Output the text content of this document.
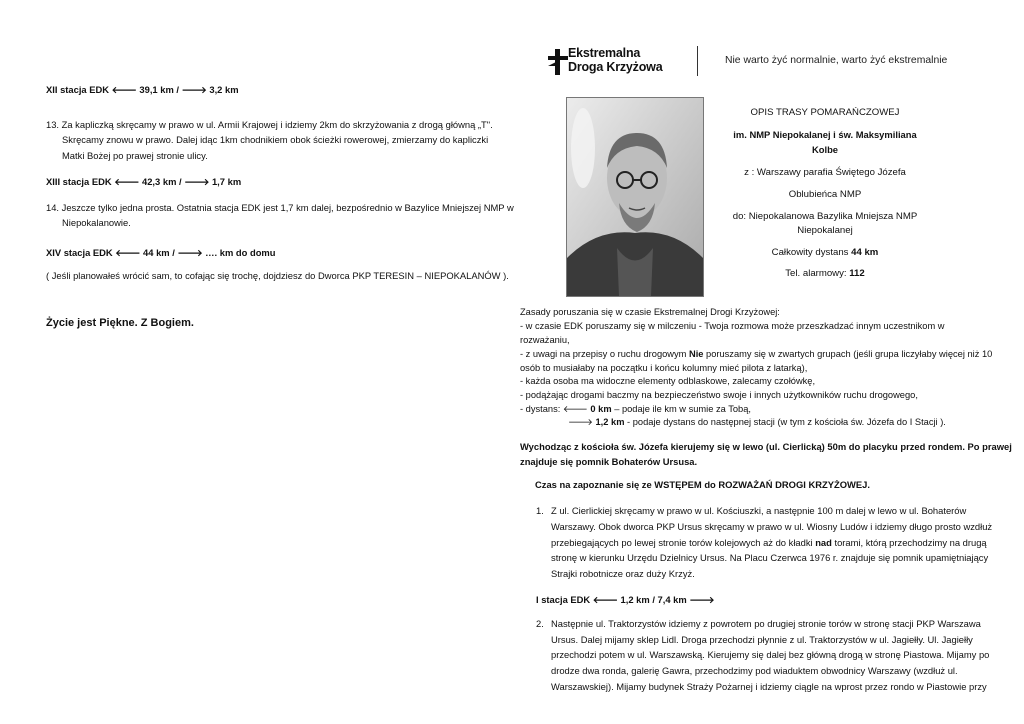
XII stacja EDK 🡐 39,1 km / 🡒 3,2 km
13. Za kapliczką skręcamy w prawo w ul. Armii Krajowej i idziemy 2km do skrzyżowania z drogą główną „T".
Skręcamy znowu w prawo. Dalej idąc 1km chodnikiem obok ścieżki rowerowej, zmierzamy do kapliczki
Matki Bożej po prawej stronie ulicy.
XIII stacja EDK 🡐 42,3 km / 🡒 1,7 km
14. Jeszcze tylko jedna prosta. Ostatnia stacja EDK jest 1,7 km dalej, bezpośrednio w Bazylice Mniejszej NMP w
Niepokalanowie.
XIV stacja EDK 🡐 44 km / 🡒 …. km do domu
( Jeśli planowałeś wrócić sam, to cofając się trochę, dojdziesz do Dworca PKP TERESIN – NIEPOKALANÓW ).
Życie jest Piękne. Z Bogiem.
Ekstremalna
Droga Krzyżowa	Nie warto żyć normalnie, warto żyć ekstremalnie
OPIS TRASY POMARAŃCZOWEJ
im. NMP Niepokalanej i św. Maksymiliana
Kolbe
z : Warszawy parafia Świętego Józefa
Oblubieńca NMP
do: Niepokalanowa Bazylika Mniejsza NMP
Niepokalanej
Całkowity dystans 44 km
Tel. alarmowy: 112
Zasady poruszania się w czasie Ekstremalnej Drogi Krzyżowej:
- w czasie EDK poruszamy się w milczeniu - Twoja rozmowa może przeszkadzać innym uczestnikom w
rozważaniu,
- z uwagi na przepisy o ruchu drogowym Nie poruszamy się w zwartych grupach (jeśli grupa liczyłaby więcej niż 10
osób to musiałaby na początku i końcu kolumny mieć pilota z latarką),
- każda osoba ma widoczne elementy odblaskowe, zalecamy czołówkę,
- podążając drogami baczmy na bezpieczeństwo swoje i innych użytkowników ruchu drogowego,
- dystans: 🡐 0 km – podaje ile km w sumie za Tobą,
🡒 1,2 km - podaje dystans do następnej stacji (w tym z kościoła św. Józefa do I Stacji ).
Wychodząc z kościoła św. Józefa kierujemy się w lewo (ul. Cierlicką) 50m do placyku przed rondem. Po prawej
znajduje się pomnik Bohaterów Ursusa.
Czas na zapoznanie się ze WSTĘPEM do ROZWAŻAŃ DROGI KRZYŻOWEJ.
1. Z ul. Cierlickiej skręcamy w prawo w ul. Kościuszki, a następnie 100 m dalej w lewo w ul. Bohaterów
Warszawy. Obok dworca PKP Ursus skręcamy w prawo w ul. Wiosny Ludów i idziemy długo prosto wzdłuż
przebiegających po lewej stronie torów kolejowych aż do kładki nad torami, którą przechodzimy na drugą
stronę w kierunku Urzędu Dzielnicy Ursus. Na Placu Czerwca 1976 r. znajduje się pomnik upamiętniający
Strajki robotnicze oraz duży Krzyż.
I stacja EDK 🡐 1,2 km / 7,4 km 🡒
2. Następnie ul. Traktorzystów idziemy z powrotem po drugiej stronie torów w stronę stacji PKP Warszawa
Ursus. Dalej mijamy sklep Lidl. Droga przechodzi płynnie z ul. Traktorzystów w ul. Jagiełły. Ul. Jagiełły
przechodzi potem w ul. Warszawską. Kierujemy się dalej bez główną drogą w stronę Piastowa. Mijamy po
drodze dwa ronda, galerię Gawra, przechodzimy pod wiaduktem obwodnicy Warszawy (wzdłuż ul.
Warszawskiej). Mijamy budynek Straży Pożarnej i idziemy ciągle na wprost przez rondo w Piastowie przy
